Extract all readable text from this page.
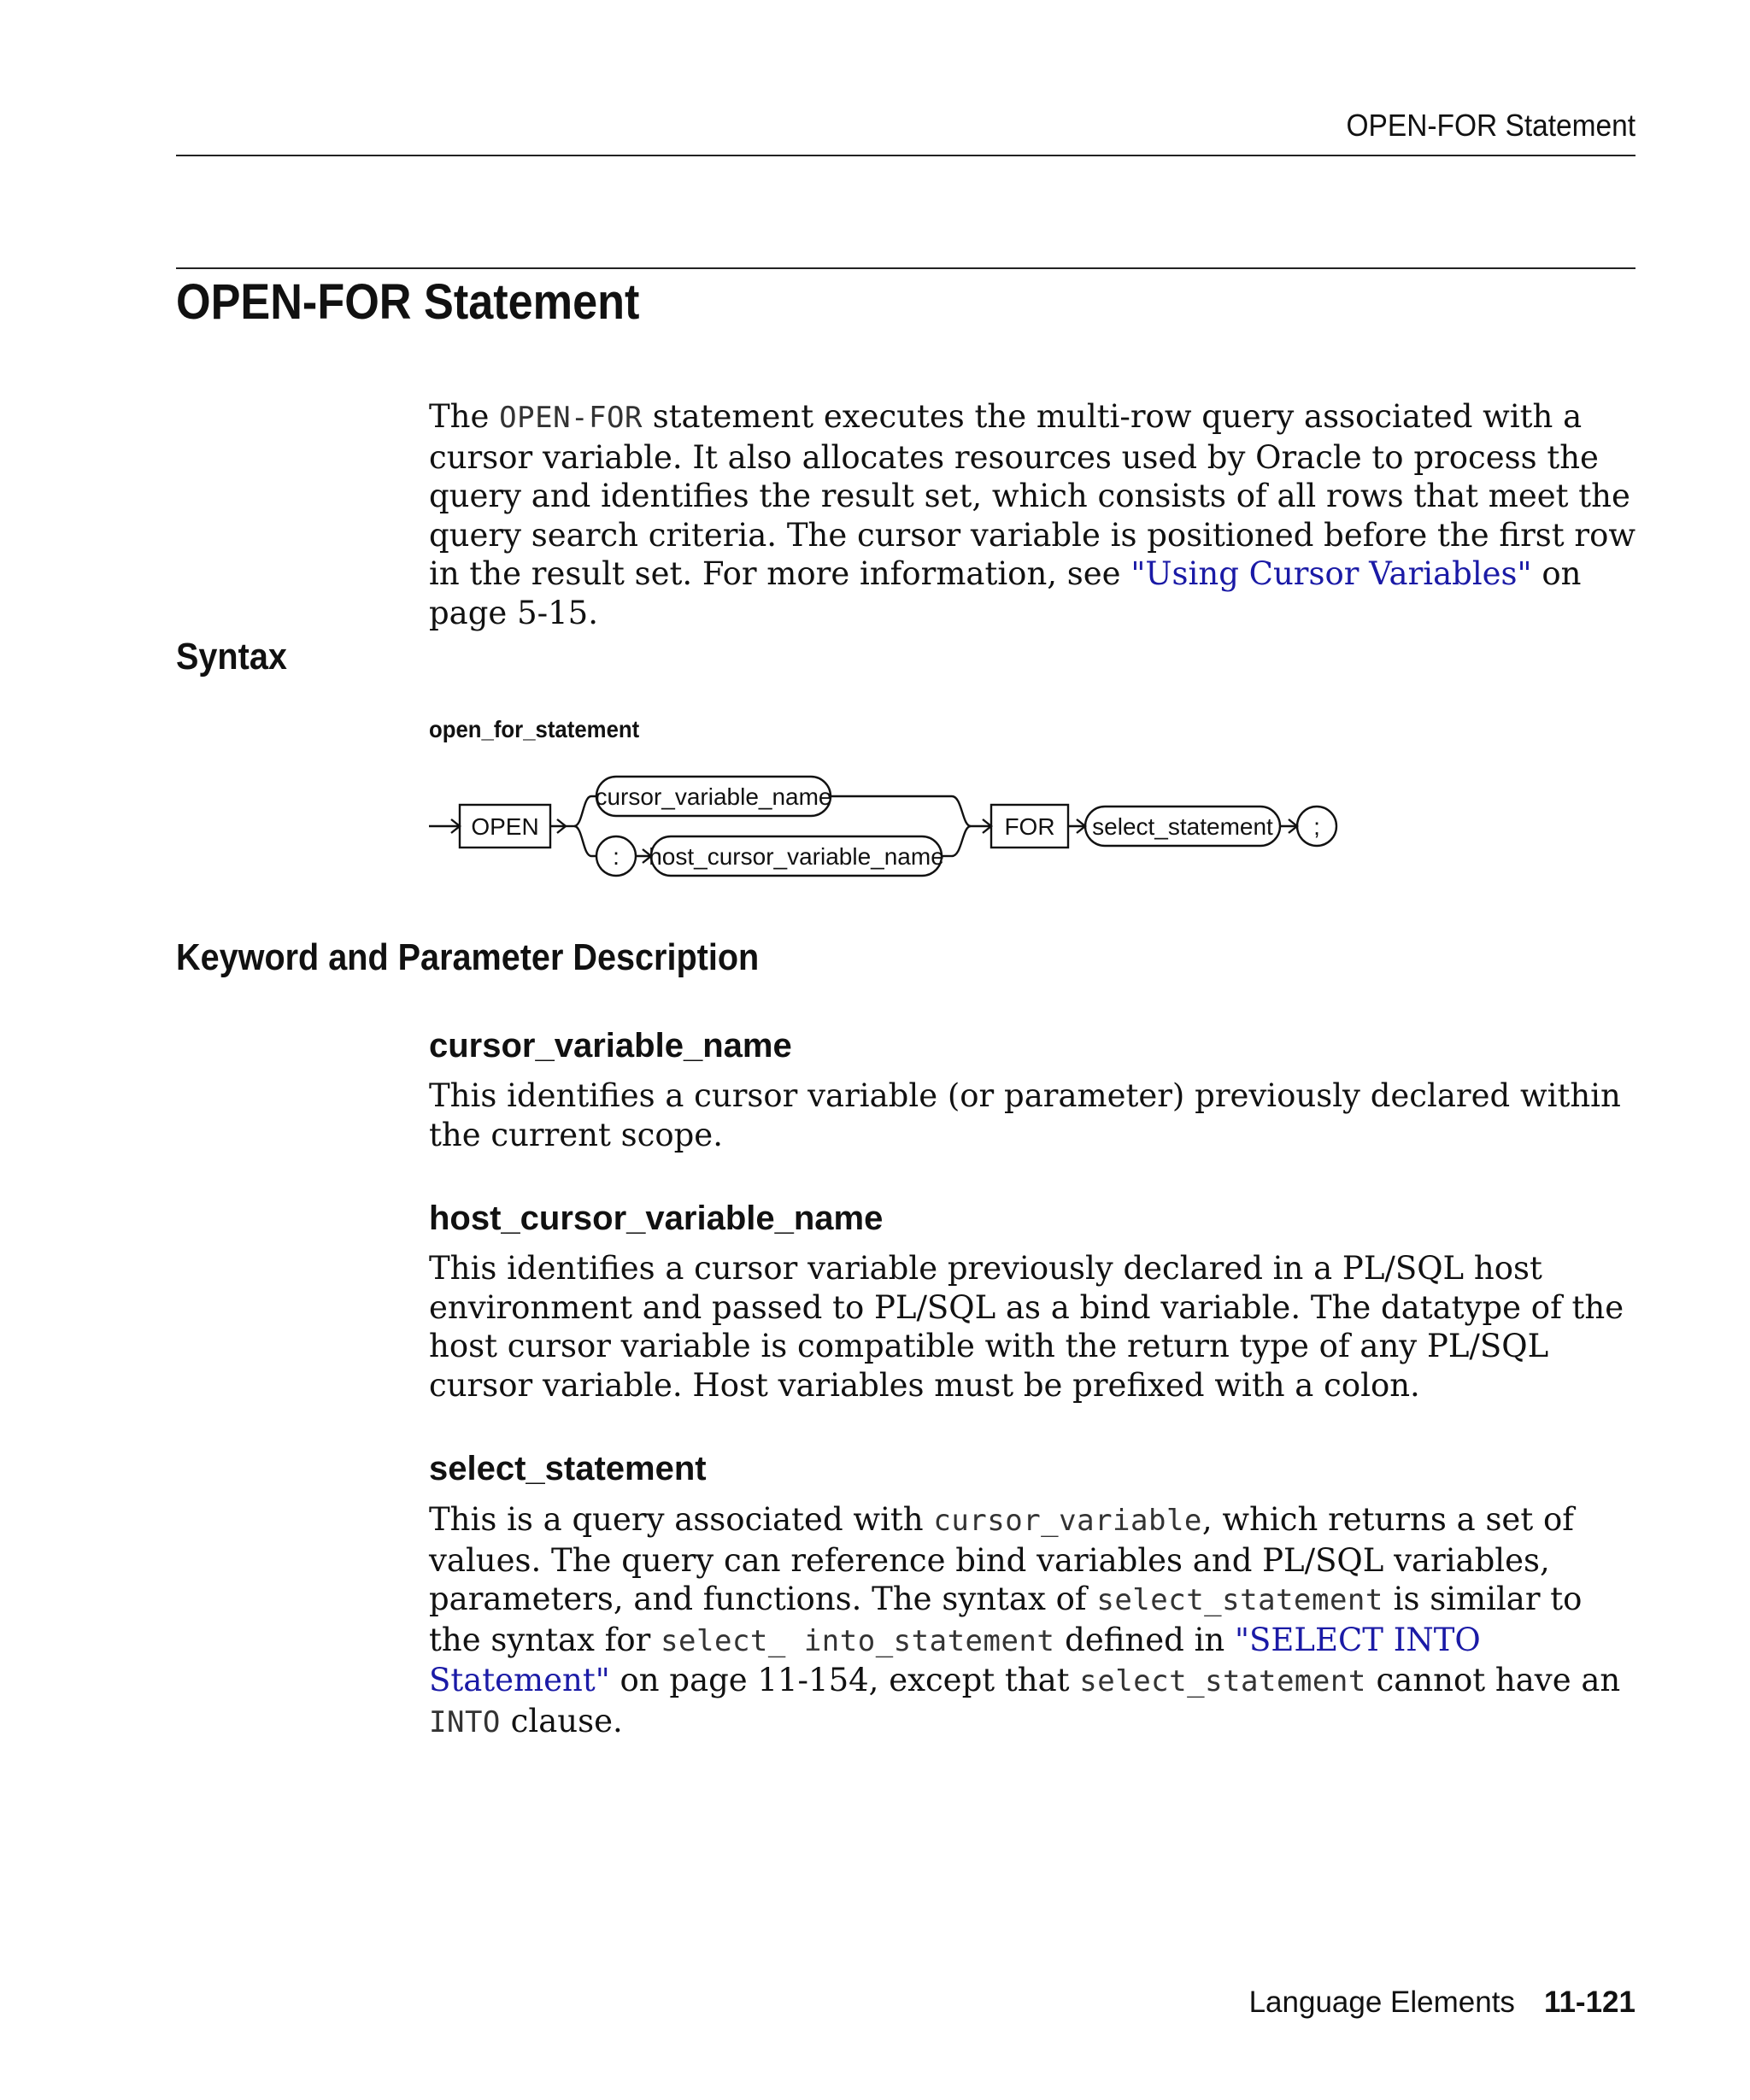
OPEN-FOR Statement
OPEN-FOR Statement

The OPEN-FOR statement executes the multi-row query associated with a cursor variable. It also allocates resources used by Oracle to process the query and identifies the result set, which consists of all rows that meet the query search criteria. The cursor variable is positioned before the first row in the result set. For more information, see "Using Cursor Variables" on page 5-15.

Syntax
open_for_statement
OPEN
cursor_variable_name
: host_cursor_variable_name
FOR select_statement ;
Keyword and Parameter Description
cursor_variable_name

This identifies a cursor variable (or parameter) previously declared within the current scope.

host_cursor_variable_name

This identifies a cursor variable previously declared in a PL/SQL host environment and passed to PL/SQL as a bind variable. The datatype of the host cursor variable is compatible with the return type of any PL/SQL cursor variable. Host variables must be prefixed with a colon.

select_statement

This is a query associated with cursor_variable, which returns a set of values. The query can reference bind variables and PL/SQL variables, parameters, and functions. The syntax of select_statement is similar to the syntax for select_ into_statement defined in "SELECT INTO Statement" on page 11-154, except that select_statement cannot have an INTO clause.

Language Elements 11-121
